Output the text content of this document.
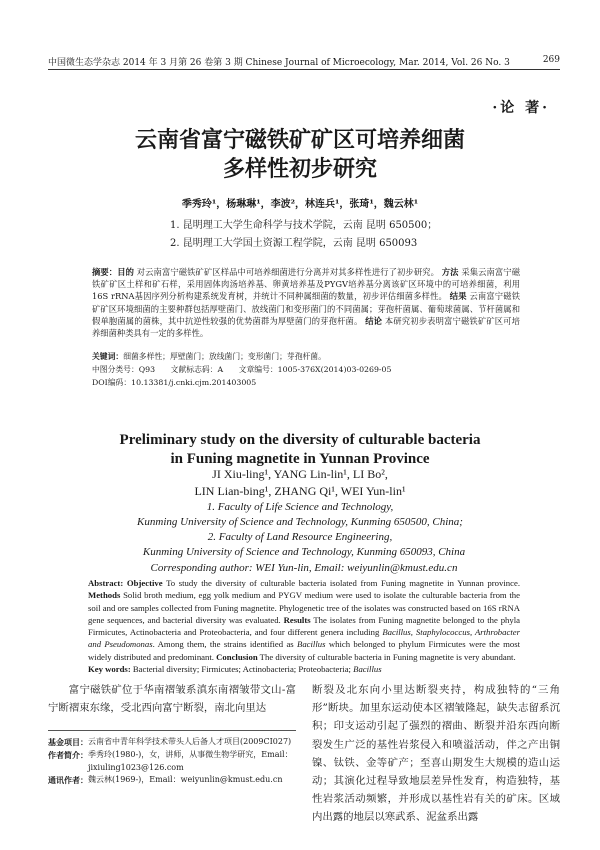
中国微生态学杂志 2014 年 3 月第 26 卷第 3 期 Chinese Journal of Microecology, Mar. 2014, Vol. 26 No. 3	269
·论 著·
云南省富宁磁铁矿矿区可培养细菌
多样性初步研究
季秀玲¹，杨琳琳¹，李波²，林连兵¹，张琦¹，魏云林¹
1. 昆明理工大学生命科学与技术学院，云南 昆明 650500；
2. 昆明理工大学国土资源工程学院，云南 昆明 650093
摘要：目的 对云南富宁磁铁矿矿区样品中可培养细菌进行分离并对其多样性进行了初步研究。 方法 采集云南富宁磁铁矿矿区土样和矿石样，采用固体肉汤培养基、卵黄培养基及PYGV培养基分离该矿区环境中的可培养细菌，利用16S rRNA基因序列分析构建系统发育树，并统计不同种属细菌的数量，初步评估细菌多样性。 结果 云南富宁磁铁矿矿区环境细菌的主要种群包括厚壁菌门、放线菌门和变形菌门的不同菌属；芽孢杆菌属、葡萄球菌属、节杆菌属和假单胞菌属的菌株，其中抗逆性较强的优势菌群为厚壁菌门的芽孢杆菌。 结论 本研究初步表明富宁磁铁矿矿区可培养细菌种类具有一定的多样性。
关键词：细菌多样性；厚壁菌门；放线菌门；变形菌门；芽孢杆菌。
中图分类号：Q93　　文献标志码：A　　文章编号：1005-376X(2014)03-0269-05
DOI编码：10.13381/j.cnki.cjm.201403005
Preliminary study on the diversity of culturable bacteria
in Funing magnetite in Yunnan Province
JI Xiu-ling¹, YANG Lin-lin¹, LI Bo²,
LIN Lian-bing¹, ZHANG Qi¹, WEI Yun-lin¹
1. Faculty of Life Science and Technology,
Kunming University of Science and Technology, Kunming 650500, China;
2. Faculty of Land Resource Engineering,
Kunming University of Science and Technology, Kunming 650093, China
Corresponding author: WEI Yun-lin, Email: weiyunlin@kmust.edu.cn
Abstract: Objective To study the diversity of culturable bacteria isolated from Funing magnetite in Yunnan province. Methods Solid broth medium, egg yolk medium and PYGV medium were used to isolate the culturable bacteria from the soil and ore samples collected from Funing magnetite. Phylogenetic tree of the isolates was constructed based on 16S rRNA gene sequences, and bacterial diversity was evaluated. Results The isolates from Funing magnetite belonged to the phyla Firmicutes, Actinobacteria and Proteobacteria, and four different genera including Bacillus, Staphylococcus, Arthrobacter and Pseudomonas. Among them, the strains identified as Bacillus which belonged to phylum Firmicutes were the most widely distributed and predominant. Conclusion The diversity of culturable bacteria in Funing magnetite is very abundant.
Key words: Bacterial diversity; Firmicutes; Actinobacteria; Proteobacteria; Bacillus
富宁磁铁矿位于华南褶皱系滇东南褶皱带文山-富宁断褶束东缘，受北西向富宁断裂，南北向里达
断裂及北东向小里达断裂夹持，构成独特的“三角形”断块。加里东运动使本区褶皱隆起，缺失志留系沉积；印支运动引起了强烈的褶曲、断裂并沿东西向断裂发生广泛的基性岩浆侵入和喷溢活动，伴之产出铜镍、钛铁、金等矿产；至喜山期发生大规模的造山运动；其演化过程导致地层差异性发育，构造独特，基性岩浆活动频繁，并形成以基性岩有关的矿床。区域内出露的地层以寒武系、泥盆系出露
基金项目： 云南省中青年科学技术带头人后备人才项目(2009CI027)
作者简介： 季秀玲(1980-)，女，讲师，从事微生物学研究，Email：jixiuling1023@126.com
通讯作者： 魏云林(1969-)，Email：weiyunlin@kmust.edu.cn
